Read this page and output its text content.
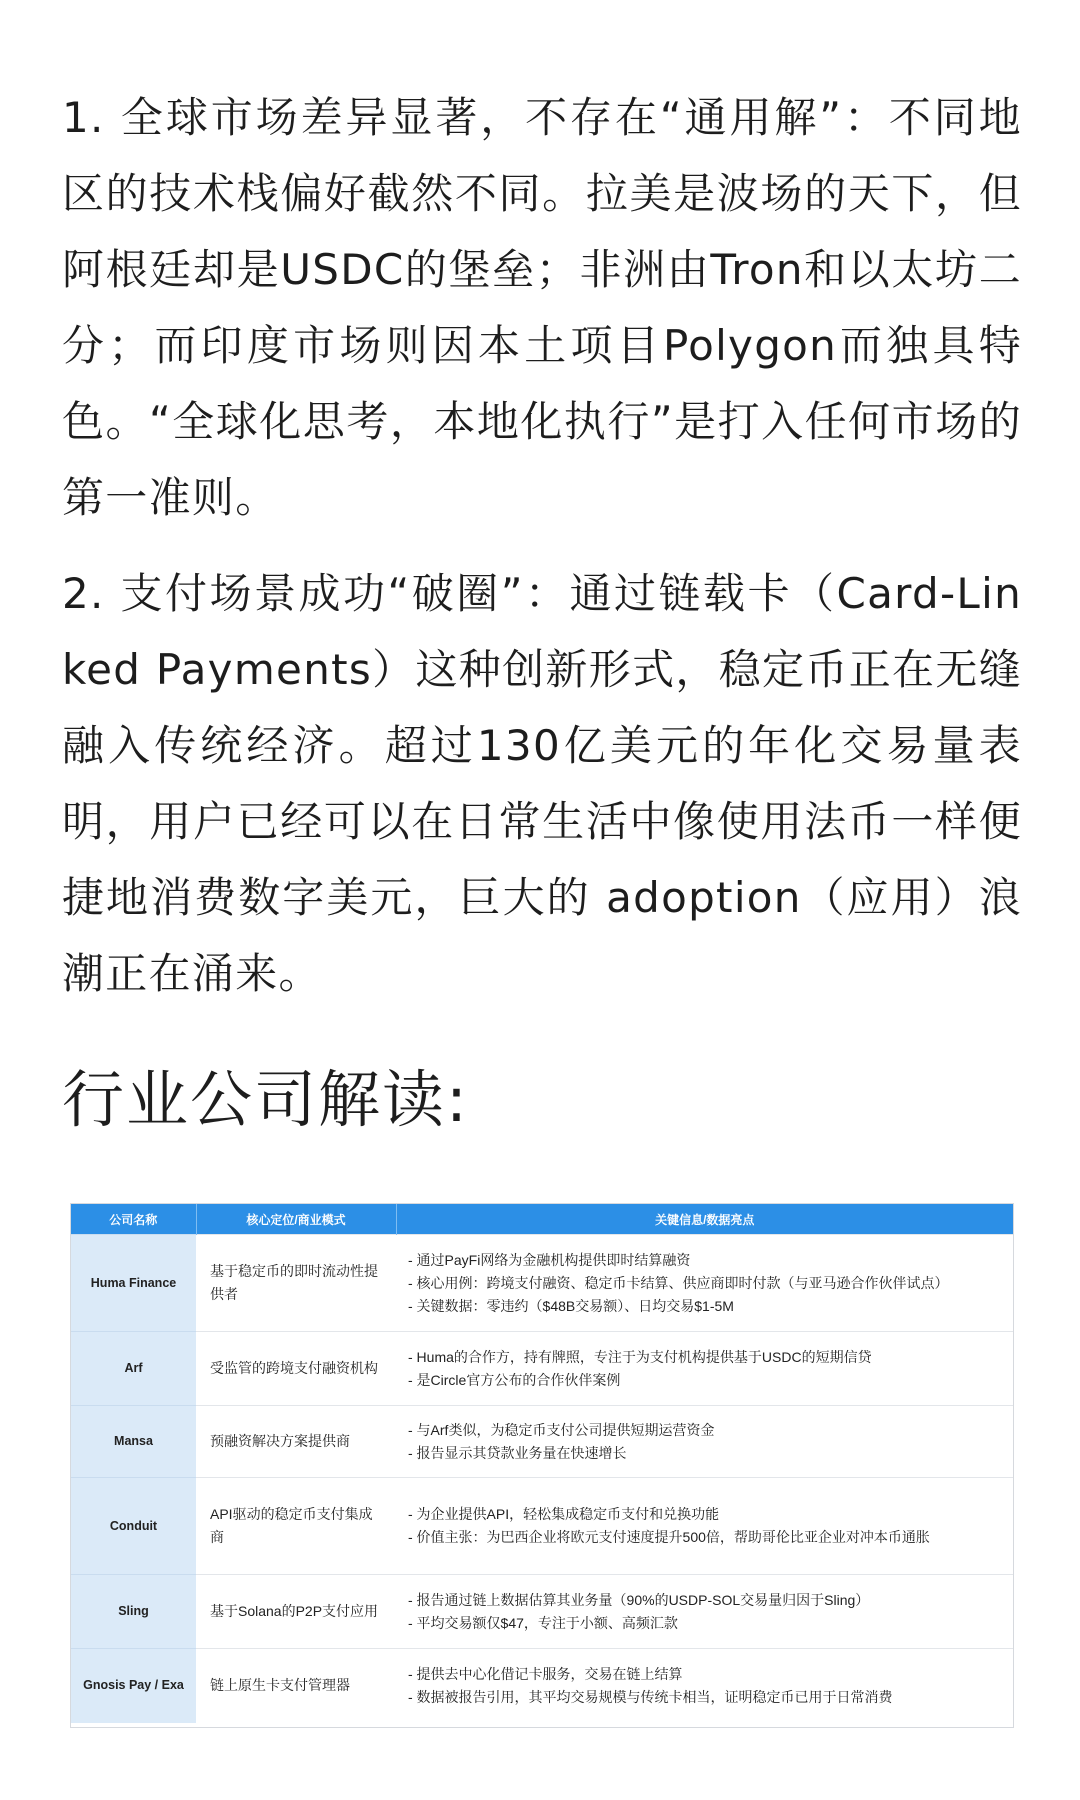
1. 全球市场差异显著，不存在“通用解”：不同地区的技术栈偏好截然不同。拉美是波场的天下，但阿根廷却是USDC的堡垒；非洲由Tron和以太坊二分；而印度市场则因本土项目Polygon而独具特色。“全球化思考，本地化执行”是打入任何市场的第一准则。

2. 支付场景成功“破圈”：通过链载卡（Card-Linked Payments）这种创新形式，稳定币正在无缝融入传统经济。超过130亿美元的年化交易量表明，用户已经可以在日常生活中像使用法币一样便捷地消费数字美元，巨大的 adoption（应用）浪潮正在涌来。

行业公司解读:
公司名称	核心定位/商业模式	关键信息/数据亮点
Huma Finance	基于稳定币的即时流动性提供者	- 通过PayFi网络为金融机构提供即时结算融资
- 核心用例：跨境支付融资、稳定币卡结算、供应商即时付款（与亚马逊合作伙伴试点）
- 关键数据：零违约（$48B交易额）、日均交易$1-5M

Arf	受监管的跨境支付融资机构	- Huma的合作方，持有牌照，专注于为支付机构提供基于USDC的短期信贷
- 是Circle官方公布的合作伙伴案例

Mansa	预融资解决方案提供商	- 与Arf类似，为稳定币支付公司提供短期运营资金
- 报告显示其贷款业务量在快速增长

Conduit	API驱动的稳定币支付集成商	- 为企业提供API，轻松集成稳定币支付和兑换功能
- 价值主张：为巴西企业将欧元支付速度提升500倍，帮助哥伦比亚企业对冲本币通胀

Sling	基于Solana的P2P支付应用	- 报告通过链上数据估算其业务量（90%的USDP-SOL交易量归因于Sling）
- 平均交易额仅$47，专注于小额、高频汇款

Gnosis Pay / Exa	链上原生卡支付管理器	- 提供去中心化借记卡服务，交易在链上结算
- 数据被报告引用，其平均交易规模与传统卡相当，证明稳定币已用于日常消费
